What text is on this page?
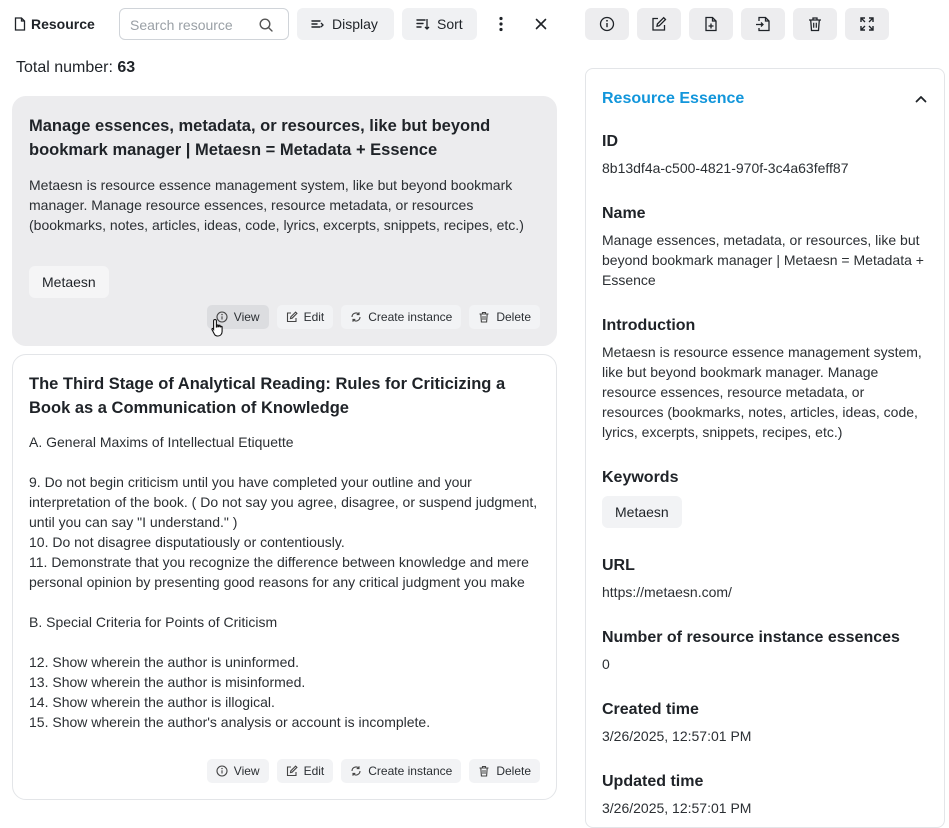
Resource
Search resource	Display	Sort
Total number: 63
Manage essences, metadata, or resources, like but beyond bookmark manager | Metaesn = Metadata + Essence
Metaesn is resource essence management system, like but beyond bookmark manager. Manage resource essences, resource metadata, or resources (bookmarks, notes, articles, ideas, code, lyrics, excerpts, snippets, recipes, etc.)
Metaesn
View	Edit	Create instance	Delete
The Third Stage of Analytical Reading: Rules for Criticizing a Book as a Communication of Knowledge
A. General Maxims of Intellectual Etiquette

9. Do not begin criticism until you have completed your outline and your interpretation of the book. ( Do not say you agree, disagree, or suspend judgment, until you can say "I understand." )
10. Do not disagree disputatiously or contentiously.
11. Demonstrate that you recognize the difference between knowledge and mere personal opinion by presenting good reasons for any critical judgment you make

B. Special Criteria for Points of Criticism

12. Show wherein the author is uninformed.
13. Show wherein the author is misinformed.
14. Show wherein the author is illogical.
15. Show wherein the author's analysis or account is incomplete.
View	Edit	Create instance	Delete
Resource Essence
ID
8b13df4a-c500-4821-970f-3c4a63feff87
Name
Manage essences, metadata, or resources, like but beyond bookmark manager | Metaesn = Metadata + Essence
Introduction
Metaesn is resource essence management system, like but beyond bookmark manager. Manage resource essences, resource metadata, or resources (bookmarks, notes, articles, ideas, code, lyrics, excerpts, snippets, recipes, etc.)
Keywords
Metaesn
URL
https://metaesn.com/
Number of resource instance essences
0
Created time
3/26/2025, 12:57:01 PM
Updated time
3/26/2025, 12:57:01 PM
